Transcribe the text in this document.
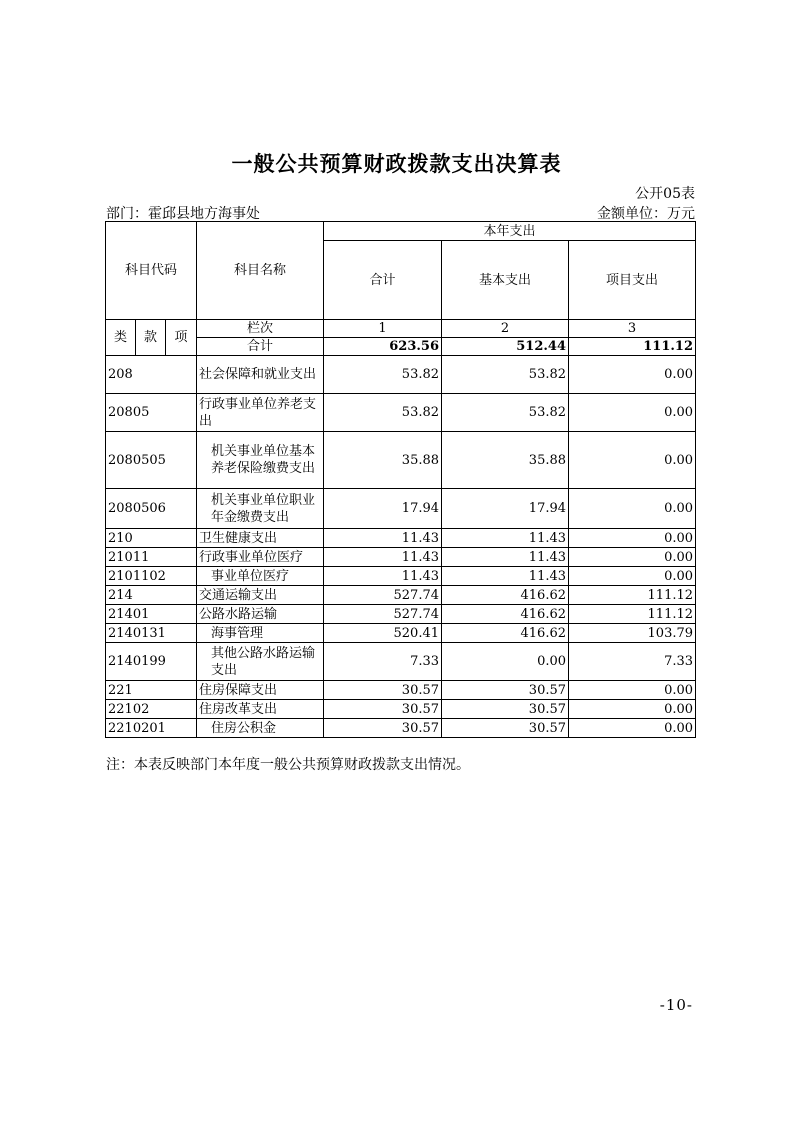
一般公共预算财政拨款支出决算表
公开05表
部门：霍邱县地方海事处	金额单位：万元
科目代码			科目名称	本年支出		
				合计	基本支出	项目支出
类	款	项	栏次	1	2	3
			合计	623.56	512.44	111.12
208			社会保障和就业支出	53.82	53.82	0.00
20805			行政事业单位养老支出	53.82	53.82	0.00
2080505			机关事业单位基本养老保险缴费支出	35.88	35.88	0.00
2080506			机关事业单位职业年金缴费支出	17.94	17.94	0.00
210			卫生健康支出	11.43	11.43	0.00
21011			行政事业单位医疗	11.43	11.43	0.00
2101102			事业单位医疗	11.43	11.43	0.00
214			交通运输支出	527.74	416.62	111.12
21401			公路水路运输	527.74	416.62	111.12
2140131			海事管理	520.41	416.62	103.79
2140199			其他公路水路运输支出	7.33	0.00	7.33
221			住房保障支出	30.57	30.57	0.00
22102			住房改革支出	30.57	30.57	0.00
2210201			住房公积金	30.57	30.57	0.00
注：本表反映部门本年度一般公共预算财政拨款支出情况。
-10-
